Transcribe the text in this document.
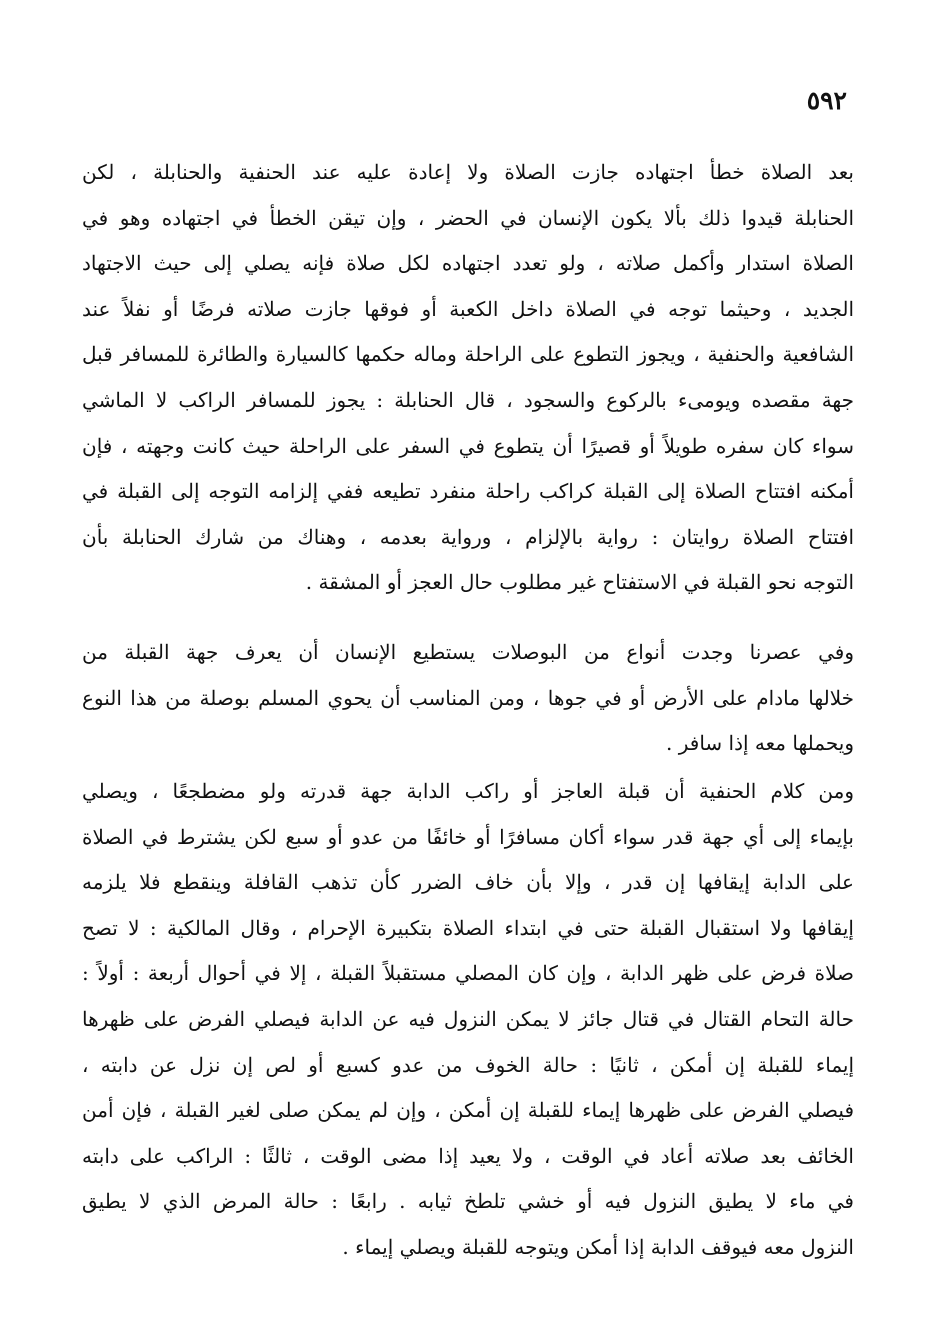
٥٩٢
بعد الصلاة خطأ اجتهاده جازت الصلاة ولا إعادة عليه عند الحنفية والحنابلة ، لكن
الحنابلة قيدوا ذلك بألا يكون الإنسان في الحضر ، وإن تيقن الخطأ في اجتهاده وهو في
الصلاة استدار وأكمل صلاته ، ولو تعدد اجتهاده لكل صلاة فإنه يصلي إلى حيث الاجتهاد
الجديد ، وحيثما توجه في الصلاة داخل الكعبة أو فوقها جازت صلاته فرضًا أو نفلاً عند
الشافعية والحنفية ، ويجوز التطوع على الراحلة وماله حكمها كالسيارة والطائرة للمسافر قبل
جهة مقصده ويومىء بالركوع والسجود ، قال الحنابلة : يجوز للمسافر الراكب لا الماشي
سواء كان سفره طويلاً أو قصيرًا أن يتطوع في السفر على الراحلة حيث كانت وجهته ، فإن
أمكنه افتتاح الصلاة إلى القبلة كراكب راحلة منفرد تطيعه ففي إلزامه التوجه إلى القبلة في
افتتاح الصلاة روايتان : رواية بالإلزام ، ورواية بعدمه ، وهناك من شارك الحنابلة بأن
التوجه نحو القبلة في الاستفتاح غير مطلوب حال العجز أو المشقة .
وفي عصرنا وجدت أنواع من البوصلات يستطيع الإنسان أن يعرف جهة القبلة من
خلالها مادام على الأرض أو في جوها ، ومن المناسب أن يحوي المسلم بوصلة من هذا النوع
ويحملها معه إذا سافر .
ومن كلام الحنفية أن قبلة العاجز أو راكب الدابة جهة قدرته ولو مضطجعًا ، ويصلي
بإيماء إلى أي جهة قدر سواء أكان مسافرًا أو خائفًا من عدو أو سبع لكن يشترط في الصلاة
على الدابة إيقافها إن قدر ، وإلا بأن خاف الضرر كأن تذهب القافلة وينقطع فلا يلزمه
إيقافها ولا استقبال القبلة حتى في ابتداء الصلاة بتكبيرة الإحرام ، وقال المالكية : لا تصح
صلاة فرض على ظهر الدابة ، وإن كان المصلي مستقبلاً القبلة ، إلا في أحوال أربعة : أولاً :
حالة التحام القتال في قتال جائز لا يمكن النزول فيه عن الدابة فيصلي الفرض على ظهرها
إيماء للقبلة إن أمكن ، ثانيًا : حالة الخوف من عدو كسبع أو لص إن نزل عن دابته ،
فيصلي الفرض على ظهرها إيماء للقبلة إن أمكن ، وإن لم يمكن صلى لغير القبلة ، فإن أمن
الخائف بعد صلاته أعاد في الوقت ، ولا يعيد إذا مضى الوقت ، ثالثًا : الراكب على دابته
في ماء لا يطيق النزول فيه أو خشي تلطخ ثيابه . رابعًا : حالة المرض الذي لا يطيق
النزول معه فيوقف الدابة إذا أمكن ويتوجه للقبلة ويصلي إيماء .
